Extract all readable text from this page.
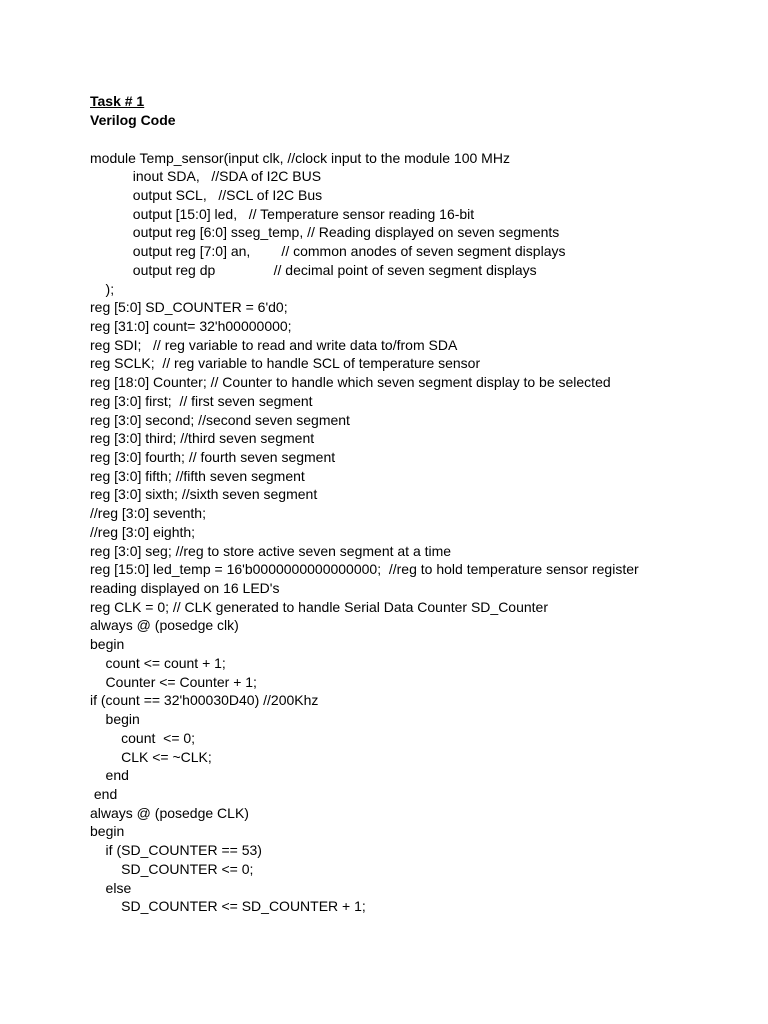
Task # 1
Verilog Code
module Temp_sensor(input clk, //clock input to the module 100 MHz
inout SDA,   //SDA of I2C BUS
output SCL,   //SCL of I2C Bus
output [15:0] led,   // Temperature sensor reading 16-bit
output reg [6:0] sseg_temp, // Reading displayed on seven segments
output reg [7:0] an,        // common anodes of seven segment displays
output reg dp               // decimal point of seven segment displays
);
reg [5:0] SD_COUNTER = 6'd0;
reg [31:0] count= 32'h00000000;
reg SDI;   // reg variable to read and write data to/from SDA
reg SCLK;  // reg variable to handle SCL of temperature sensor
reg [18:0] Counter; // Counter to handle which seven segment display to be selected
reg [3:0] first;  // first seven segment
reg [3:0] second; //second seven segment
reg [3:0] third; //third seven segment
reg [3:0] fourth; // fourth seven segment
reg [3:0] fifth; //fifth seven segment
reg [3:0] sixth; //sixth seven segment
//reg [3:0] seventh;
//reg [3:0] eighth;
reg [3:0] seg; //reg to store active seven segment at a time
reg [15:0] led_temp = 16'b0000000000000000;  //reg to hold temperature sensor register
reading displayed on 16 LED's
reg CLK = 0; // CLK generated to handle Serial Data Counter SD_Counter
always @ (posedge clk)
begin
count <= count + 1;
Counter <= Counter + 1;
if (count == 32'h00030D40) //200Khz
begin
count  <= 0;
CLK <= ~CLK;
end
end
always @ (posedge CLK)
begin
if (SD_COUNTER == 53)
SD_COUNTER <= 0;
else
SD_COUNTER <= SD_COUNTER + 1;
